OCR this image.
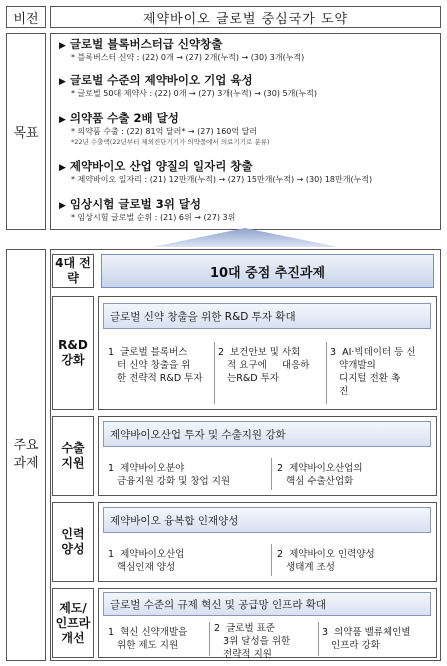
비전	제약바이오 글로벌 중심국가 도약
목표
▶ 글로벌 블록버스터급 신약창출
* 블록버스터 신약 : (22) 0개 → (27) 2개(누적) → (30) 3개(누적)
▶ 글로벌 수준의 제약바이오 기업 육성
* 글로벌 50대 제약사 : (22) 0개 → (27) 3개(누적) → (30) 5개(누적)
▶ 의약품 수출 2배 달성
* 의약품 수출 : (22) 81억 달러* → (27) 160억 달러
*22년 수출액(22년부터 체외진단기기가 의약품에서 의료기기로 분류)
▶ 제약바이오 산업 양질의 일자리 창출
* 제약바이오 일자리 : (21) 12만개(누적) → (27) 15만개(누적) → (30) 18만개(누적)
▶ 임상시험 글로벌 3위 달성
* 임상시험 글로벌 순위 : (21) 6위 → (27) 3위
주요
과제
4대 전
략	10대 중점 추진과제
R&D
강화
글로벌 신약 창출을 위한 R&D 투자 확대
1  글로벌 블록버스
터 신약 창출을 위
한 전략적 R&D 투자
2  보건안보 및 사회
적 요구에     대응하
는R&D 투자
3  AI·빅데이터 등 신
약개발의
디지털 전환 촉
진
수출
지원
제약바이오산업 투자 및 수출지원 강화
1  제약바이오분야
금융지원 강화 및 창업 지원
2  제약바이오산업의
핵심 수출산업화
인력
양성
제약바이오 융복합 인재양성
1  제약바이오산업
핵심인재 양성
2  제약바이오 인력양성
생태계 조성
제도/
인프라
개선
글로벌 수준의 규제 혁신 및 공급망 인프라 확대
1  혁신 신약개발을
위한 제도 지원
2  글로벌 표준
3위 달성을 위한
전략적 지원
3  의약품 밸류체인별
인프라 강화
